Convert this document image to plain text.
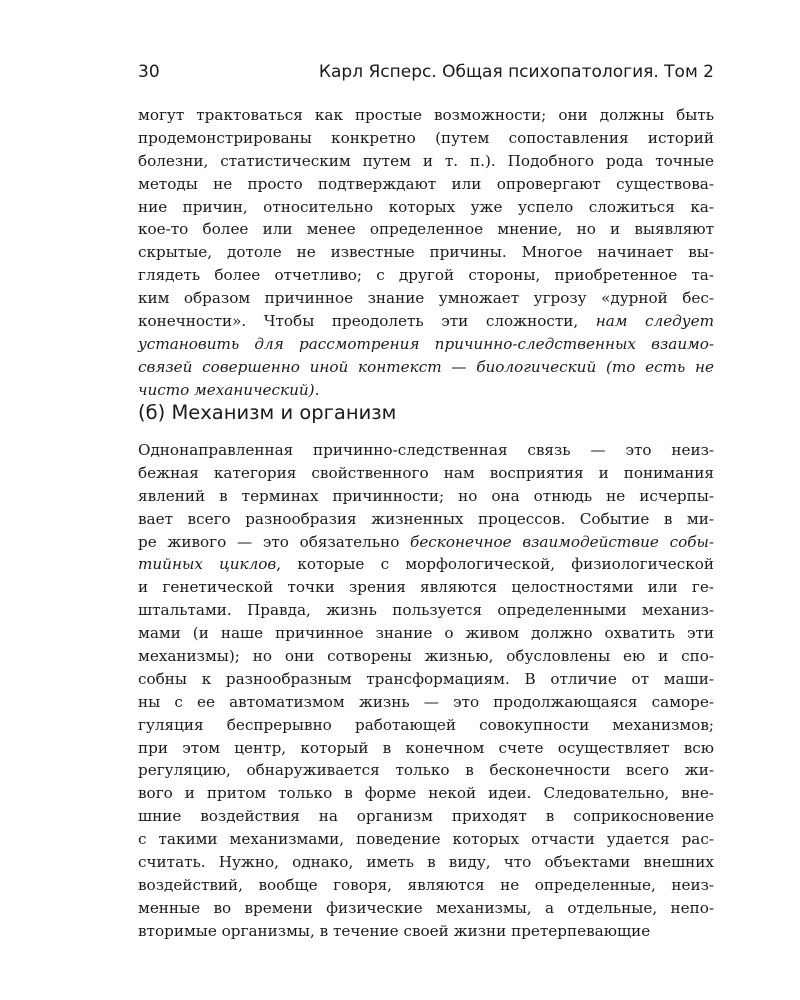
30	Карл Ясперс. Общая психопатология. Том 2
могут трактоваться как простые возможности; они должны быть
продемонстрированы конкретно (путем сопоставления историй
болезни, статистическим путем и т. п.). Подобного рода точные
методы не просто подтверждают или опровергают существова-
ние причин, относительно которых уже успело сложиться ка-
кое-то более или менее определенное мнение, но и выявляют
скрытые, дотоле не известные причины. Многое начинает вы-
глядеть более отчетливо; с другой стороны, приобретенное та-
ким образом причинное знание умножает угрозу «дурной бес-
конечности». Чтобы преодолеть эти сложности, нам следует
установить для рассмотрения причинно-следственных взаимо-
связей совершенно иной контекст — биологический (то есть не
чисто механический).
(б) Механизм и организм
Однонаправленная причинно-следственная связь — это неиз-
бежная категория свойственного нам восприятия и понимания
явлений в терминах причинности; но она отнюдь не исчерпы-
вает всего разнообразия жизненных процессов. Событие в ми-
ре живого — это обязательно бесконечное взаимодействие собы-
тийных циклов, которые с морфологической, физиологической
и генетической точки зрения являются целостностями или ге-
штальтами. Правда, жизнь пользуется определенными механиз-
мами (и наше причинное знание о живом должно охватить эти
механизмы); но они сотворены жизнью, обусловлены ею и спо-
собны к разнообразным трансформациям. В отличие от маши-
ны с ее автоматизмом жизнь — это продолжающаяся саморе-
гуляция беспрерывно работающей совокупности механизмов;
при этом центр, который в конечном счете осуществляет всю
регуляцию, обнаруживается только в бесконечности всего жи-
вого и притом только в форме некой идеи. Следовательно, вне-
шние воздействия на организм приходят в соприкосновение
с такими механизмами, поведение которых отчасти удается рас-
считать. Нужно, однако, иметь в виду, что объектами внешних
воздействий, вообще говоря, являются не определенные, неиз-
менные во времени физические механизмы, а отдельные, непо-
вторимые организмы, в течение своей жизни претерпевающие
